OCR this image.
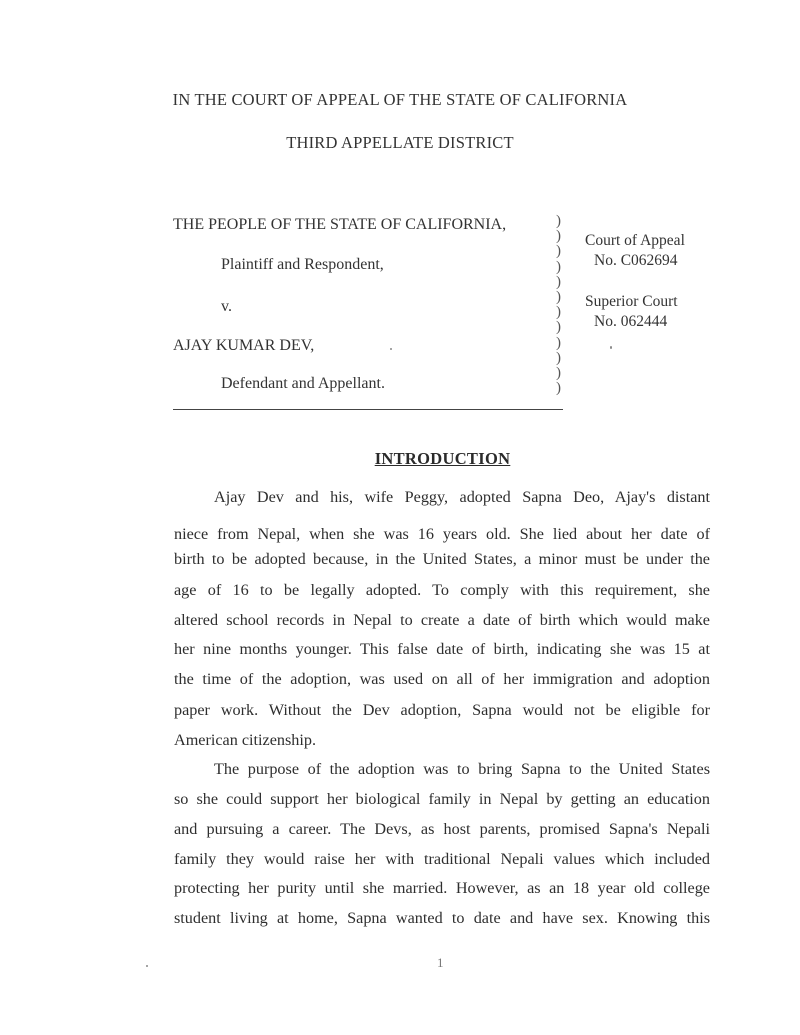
IN THE COURT OF APPEAL OF THE STATE OF CALIFORNIA
THIRD APPELLATE DISTRICT
THE PEOPLE OF THE STATE OF CALIFORNIA,
Plaintiff and Respondent,
v.
AJAY KUMAR DEV,
Defendant and Appellant.
)
)
)
)
)
)
)
)
)
)
)
)
Court of Appeal
No. C062694
Superior Court
No. 062444
INTRODUCTION
Ajay Dev and his, wife Peggy, adopted Sapna Deo, Ajay's distant
niece from Nepal, when she was 16 years old. She lied about her date of
birth to be adopted because, in the United States, a minor must be under the
age of 16 to be legally adopted. To comply with this requirement, she
altered school records in Nepal to create a date of birth which would make
her nine months younger. This false date of birth, indicating she was 15 at
the time of the adoption, was used on all of her immigration and adoption
paper work. Without the Dev adoption, Sapna would not be eligible for
American citizenship.
The purpose of the adoption was to bring Sapna to the United States
so she could support her biological family in Nepal by getting an education
and pursuing a career. The Devs, as host parents, promised Sapna's Nepali
family they would raise her with traditional Nepali values which included
protecting her purity until she married. However, as an 18 year old college
student living at home, Sapna wanted to date and have sex. Knowing this
1
